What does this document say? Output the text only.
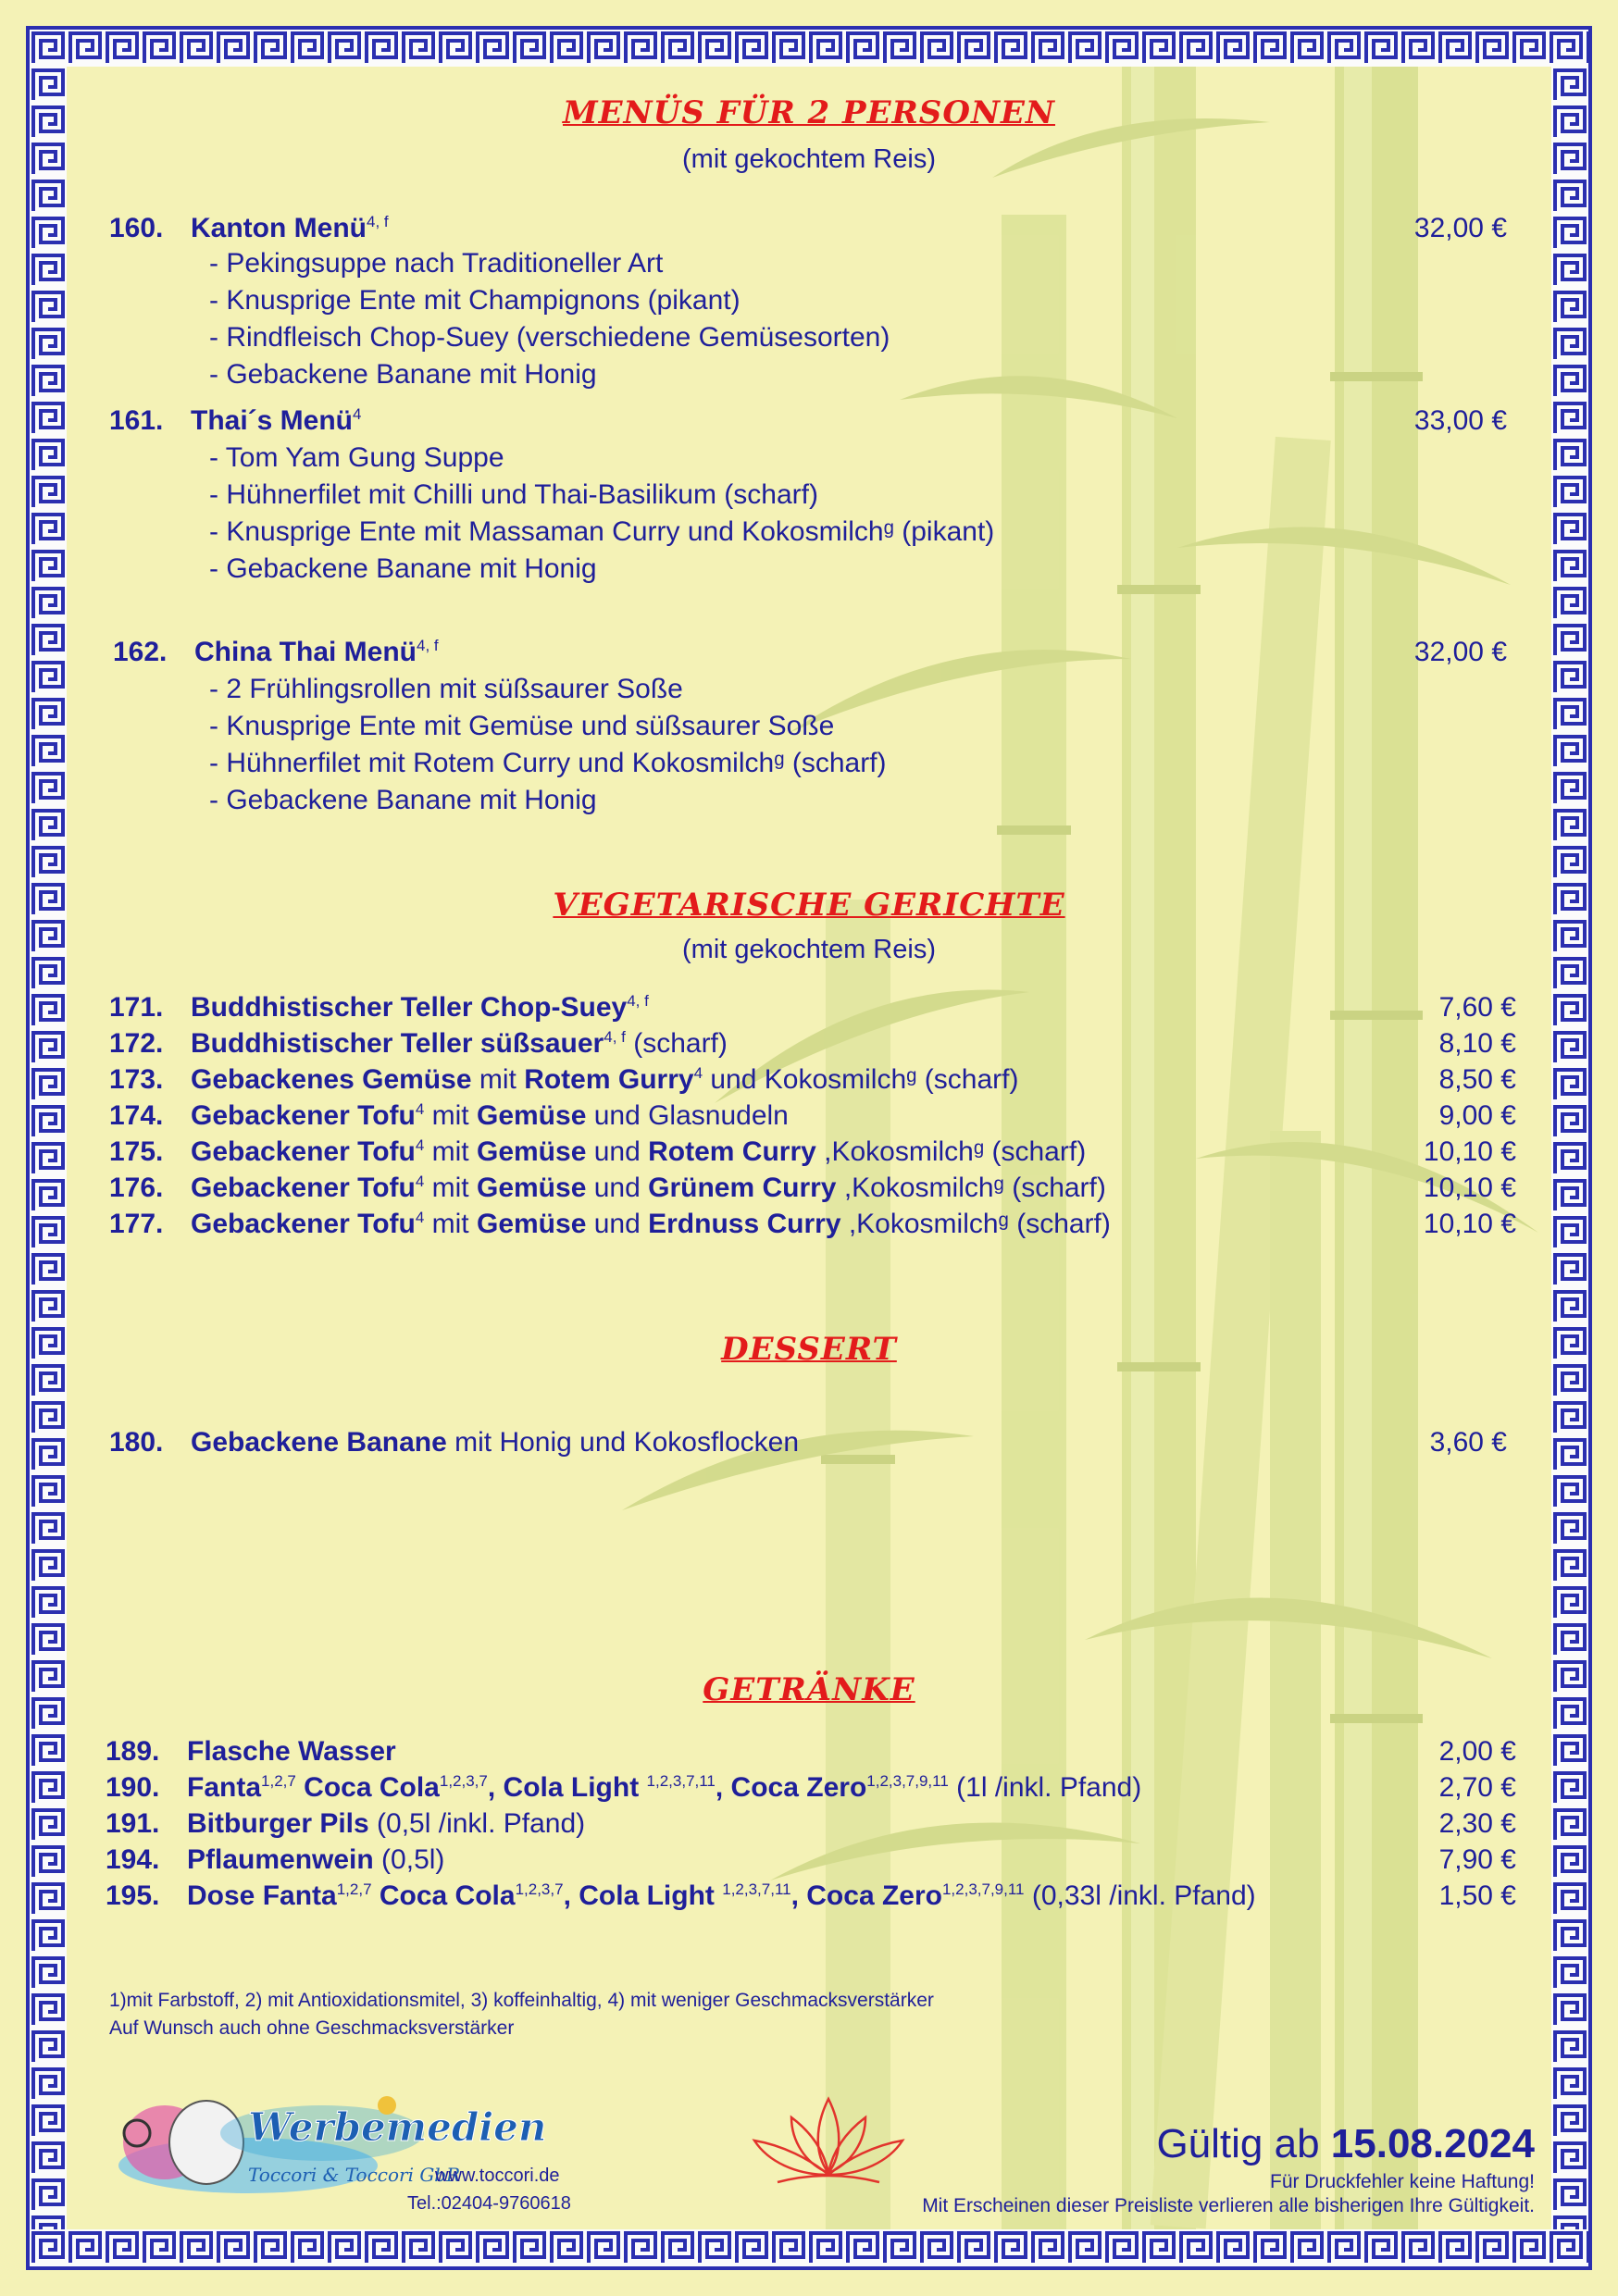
MENÜS FÜR 2 PERSONEN
(mit gekochtem Reis)
160. Kanton Menü$^{4, f}$	32,00 €
- Pekingsuppe nach Traditioneller Art
- Knusprige Ente mit Champignons (pikant)
- Rindfleisch Chop-Suey (verschiedene Gemüsesorten)
- Gebackene Banane mit Honig
161. Thai´s Menü$^4$	33,00 €
- Tom Yam Gung Suppe
- Hühnerfilet mit Chilli und Thai-Basilikum (scharf)
- Knusprige Ente mit Massaman Curry und Kokosmilchᵍ (pikant)
- Gebackene Banane mit Honig
162. China Thai Menü$^{4, f}$	32,00 €
- 2 Frühlingsrollen mit süßsaurer Soße
- Knusprige Ente mit Gemüse und süßsaurer Soße
- Hühnerfilet mit Rotem Curry und Kokosmilchᵍ (scharf)
- Gebackene Banane mit Honig
VEGETARISCHE GERICHTE
(mit gekochtem Reis)
171. Buddhistischer Teller Chop-Suey$^{4, f}$	7,60 €
172. Buddhistischer Teller süßsauer$^{4, f}$ (scharf)	8,10 €
173. Gebackenes Gemüse mit Rotem Gurry$^4$ und Kokosmilchᵍ (scharf)	8,50 €
174. Gebackener Tofu$^4$ mit Gemüse und Glasnudeln	9,00 €
175. Gebackener Tofu$^4$ mit Gemüse und Rotem Curry ,Kokosmilchᵍ (scharf)	10,10 €
176. Gebackener Tofu$^4$ mit Gemüse und Grünem Curry ,Kokosmilchᵍ (scharf)	10,10 €
177. Gebackener Tofu$^4$ mit Gemüse und Erdnuss Curry ,Kokosmilchᵍ (scharf)	10,10 €
DESSERT
180. Gebackene Banane mit Honig und Kokosflocken	3,60 €
GETRÄNKE
189. Flasche Wasser	2,00 €
190. Fanta$^{1,2,7}$ Coca Cola$^{1,2,3,7}$, Cola Light $^{1,2,3,7,11}$, Coca Zero$^{1,2,3,7,9,11}$ (1l /inkl. Pfand)	2,70 €
191. Bitburger Pils (0,5l /inkl. Pfand)	2,30 €
194. Pflaumenwein (0,5l)	7,90 €
195. Dose Fanta$^{1,2,7}$ Coca Cola$^{1,2,3,7}$, Cola Light $^{1,2,3,7,11}$, Coca Zero$^{1,2,3,7,9,11}$ (0,33l /inkl. Pfand)	1,50 €
1)mit Farbstoff, 2) mit Antioxidationsmitel, 3) koffeinhaltig, 4) mit weniger Geschmacksverstärker
Auf Wunsch auch ohne Geschmacksverstärker
Werbemedien
Toccori & Toccori GbR
www.toccori.de
Tel.:02404-9760618
Gültig ab 15.08.2024
Für Druckfehler keine Haftung!
Mit Erscheinen dieser Preisliste verlieren alle bisherigen Ihre Gültigkeit.
